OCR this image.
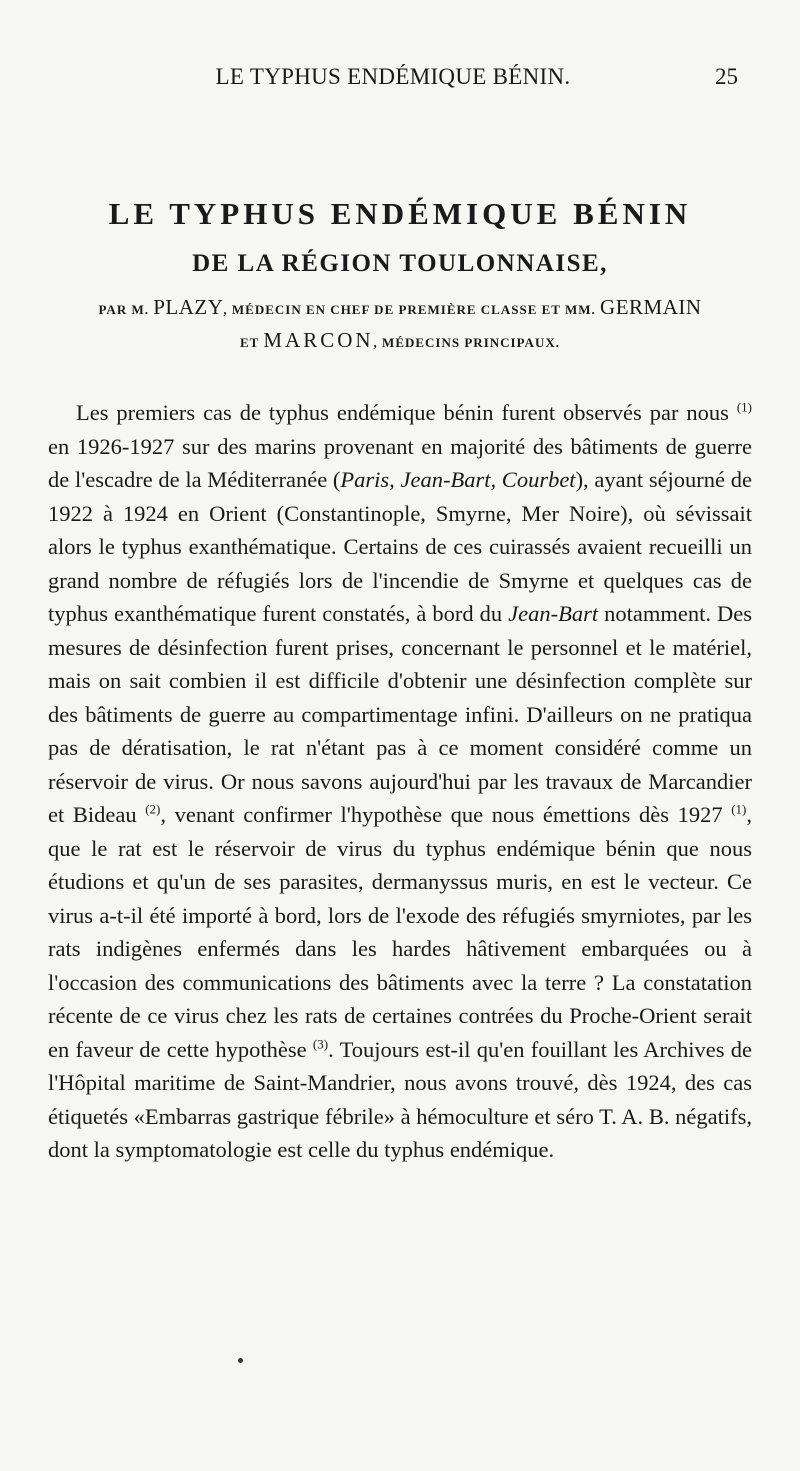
LE TYPHUS ENDÉMIQUE BÉNIN.	25
LE TYPHUS ENDÉMIQUE BÉNIN
DE LA RÉGION TOULONNAISE,
PAR M. PLAZY, MÉDECIN EN CHEF DE PREMIÈRE CLASSE ET MM. GERMAIN
ET MARCON, MÉDECINS PRINCIPAUX.

Les premiers cas de typhus endémique bénin furent observés par nous $^{(1)}$ en 1926-1927 sur des marins provenant en majorité des bâtiments de guerre de l'escadre de la Méditerranée (Paris, Jean-Bart, Courbet), ayant séjourné de 1922 à 1924 en Orient (Constantinople, Smyrne, Mer Noire), où sévissait alors le typhus exanthématique. Certains de ces cuirassés avaient recueilli un grand nombre de réfugiés lors de l'incendie de Smyrne et quelques cas de typhus exanthématique furent constatés, à bord du Jean-Bart notamment. Des mesures de désinfection furent prises, concernant le personnel et le matériel, mais on sait combien il est difficile d'obtenir une désinfection complète sur des bâtiments de guerre au compartimentage infini. D'ailleurs on ne pratiqua pas de dératisation, le rat n'étant pas à ce moment considéré comme un réservoir de virus. Or nous savons aujourd'hui par les travaux de Marcandier et Bideau $^{(2)}$, venant confirmer l'hypothèse que nous émettions dès 1927 $^{(1)}$, que le rat est le réservoir de virus du typhus endémique bénin que nous étudions et qu'un de ses parasites, dermanyssus muris, en est le vecteur. Ce virus a-t-il été importé à bord, lors de l'exode des réfugiés smyrniotes, par les rats indigènes enfermés dans les hardes hâtivement embarquées ou à l'occasion des communications des bâtiments avec la terre ? La constatation récente de ce virus chez les rats de certaines contrées du Proche-Orient serait en faveur de cette hypothèse $^{(3)}$. Toujours est-il qu'en fouillant les Archives de l'Hôpital maritime de Saint-Mandrier, nous avons trouvé, dès 1924, des cas étiquetés «Embarras gastrique fébrile» à hémoculture et séro T. A. B. négatifs, dont la symptomatologie est celle du typhus endémique.
